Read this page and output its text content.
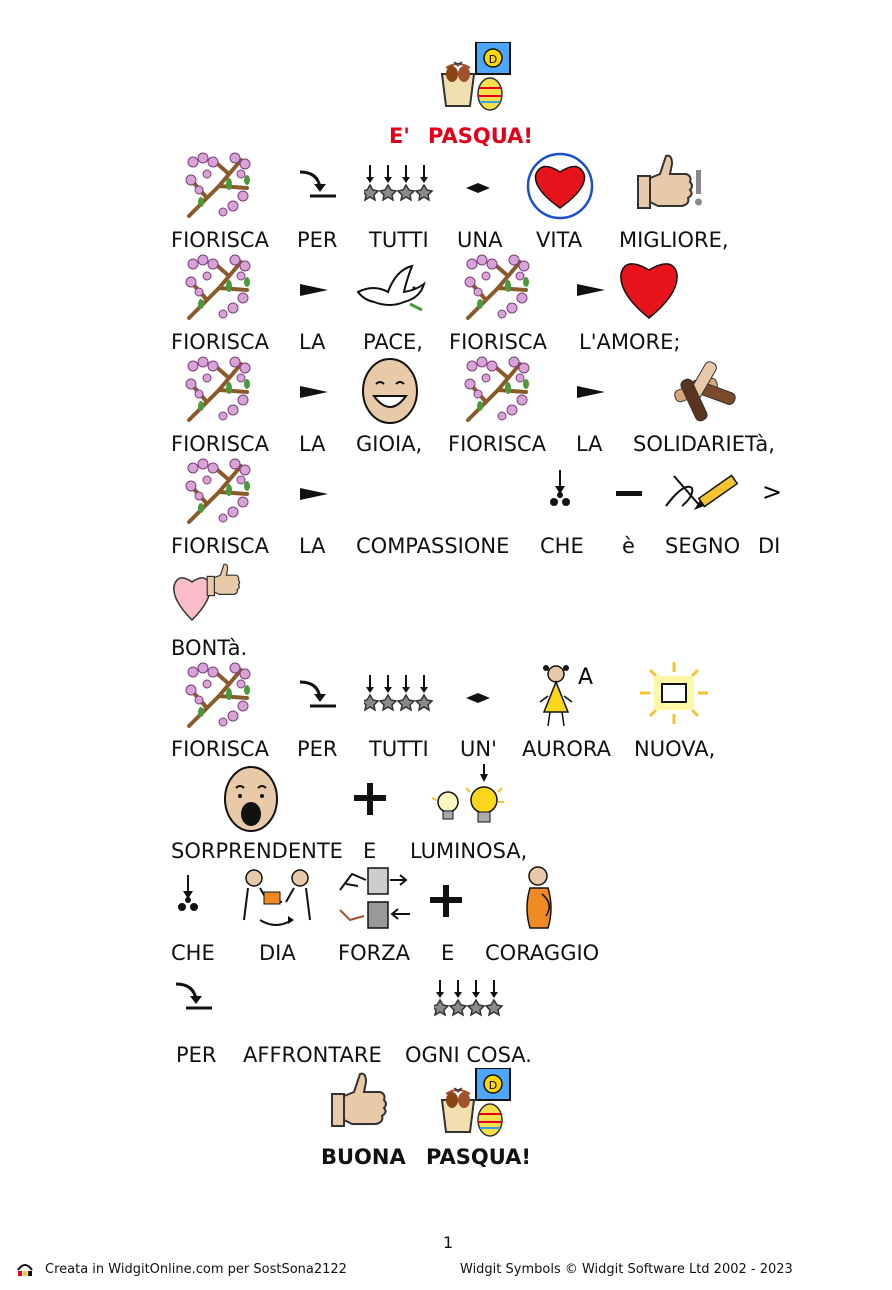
D
E' PASQUA!
FIORISCA PER TUTTI UNA VITA MIGLIORE,
FIORISCA LA PACE, FIORISCA L'AMORE;
FIORISCA LA GIOIA, FIORISCA LA SOLIDARIETà,
>
FIORISCA LA COMPASSIONE CHE è SEGNO DI
BONTà.
A
FIORISCA PER TUTTI UN' AURORA NUOVA,
SORPRENDENTE E LUMINOSA,
CHE DIA FORZA E CORAGGIO
PER AFFRONTARE OGNI COSA.
D
BUONA PASQUA!
1
Creata in WidgitOnline.com per SostSona2122	Widgit Symbols © Widgit Software Ltd 2002 - 2023
